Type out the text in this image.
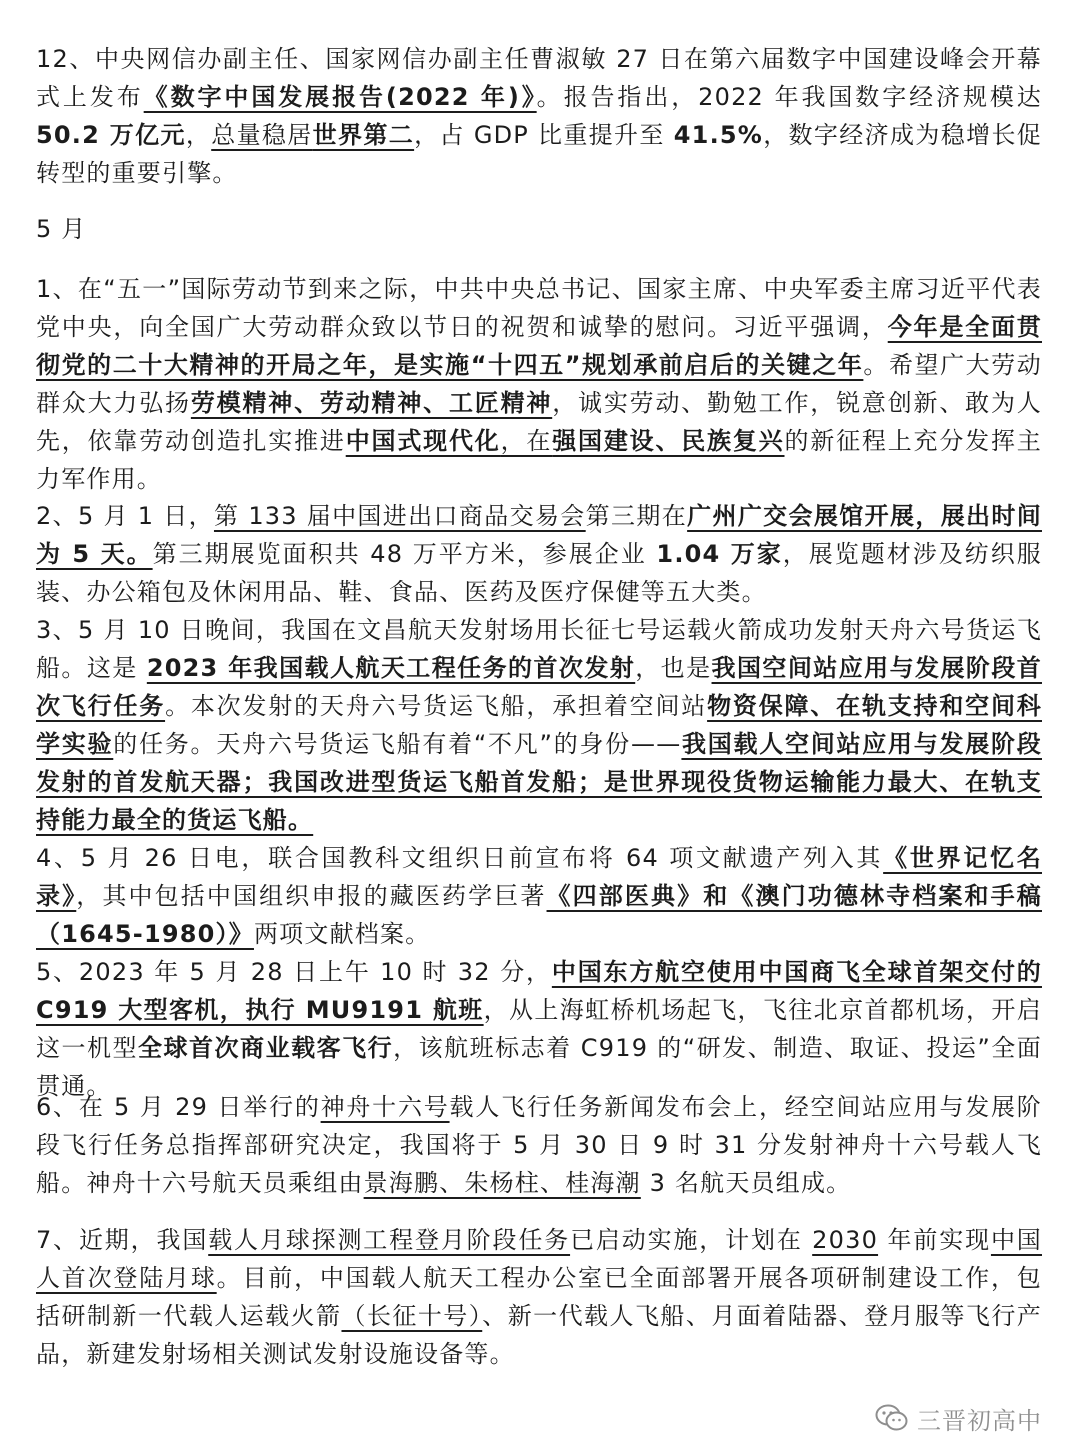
12、中央网信办副主任、国家网信办副主任曹淑敏 27 日在第六届数字中国建设峰会开幕式上发布《数字中国发展报告(2022 年)》。报告指出，2022 年我国数字经济规模达 50.2 万亿元，总量稳居世界第二，占 GDP 比重提升至 41.5%，数字经济成为稳增长促转型的重要引擎。

5 月

1、在“五一”国际劳动节到来之际，中共中央总书记、国家主席、中央军委主席习近平代表党中央，向全国广大劳动群众致以节日的祝贺和诚挚的慰问。习近平强调，今年是全面贯彻党的二十大精神的开局之年，是实施“十四五”规划承前启后的关键之年。希望广大劳动群众大力弘扬劳模精神、劳动精神、工匠精神，诚实劳动、勤勉工作，锐意创新、敢为人先，依靠劳动创造扎实推进中国式现代化，在强国建设、民族复兴的新征程上充分发挥主力军作用。

2、5 月 1 日，第 133 届中国进出口商品交易会第三期在广州广交会展馆开展，展出时间为 5 天。第三期展览面积共 48 万平方米，参展企业 1.04 万家，展览题材涉及纺织服装、办公箱包及休闲用品、鞋、食品、医药及医疗保健等五大类。

3、5 月 10 日晚间，我国在文昌航天发射场用长征七号运载火箭成功发射天舟六号货运飞船。这是 2023 年我国载人航天工程任务的首次发射，也是我国空间站应用与发展阶段首次飞行任务。本次发射的天舟六号货运飞船，承担着空间站物资保障、在轨支持和空间科学实验的任务。天舟六号货运飞船有着“不凡”的身份——我国载人空间站应用与发展阶段发射的首发航天器；我国改进型货运飞船首发船；是世界现役货物运输能力最大、在轨支持能力最全的货运飞船。

4、5 月 26 日电，联合国教科文组织日前宣布将 64 项文献遗产列入其《世界记忆名录》，其中包括中国组织申报的藏医药学巨著《四部医典》和《澳门功德林寺档案和手稿（1645-1980）》两项文献档案。

5、2023 年 5 月 28 日上午 10 时 32 分，中国东方航空使用中国商飞全球首架交付的 C919 大型客机，执行 MU9191 航班，从上海虹桥机场起飞，飞往北京首都机场，开启这一机型全球首次商业载客飞行，该航班标志着 C919 的“研发、制造、取证、投运”全面贯通。

6、在 5 月 29 日举行的神舟十六号载人飞行任务新闻发布会上，经空间站应用与发展阶段飞行任务总指挥部研究决定，我国将于 5 月 30 日 9 时 31 分发射神舟十六号载人飞船。神舟十六号航天员乘组由景海鹏、朱杨柱、桂海潮 3 名航天员组成。

7、近期，我国载人月球探测工程登月阶段任务已启动实施，计划在 2030 年前实现中国人首次登陆月球。目前，中国载人航天工程办公室已全面部署开展各项研制建设工作，包括研制新一代载人运载火箭（长征十号）、新一代载人飞船、月面着陆器、登月服等飞行产品，新建发射场相关测试发射设施设备等。

三晋初高中
